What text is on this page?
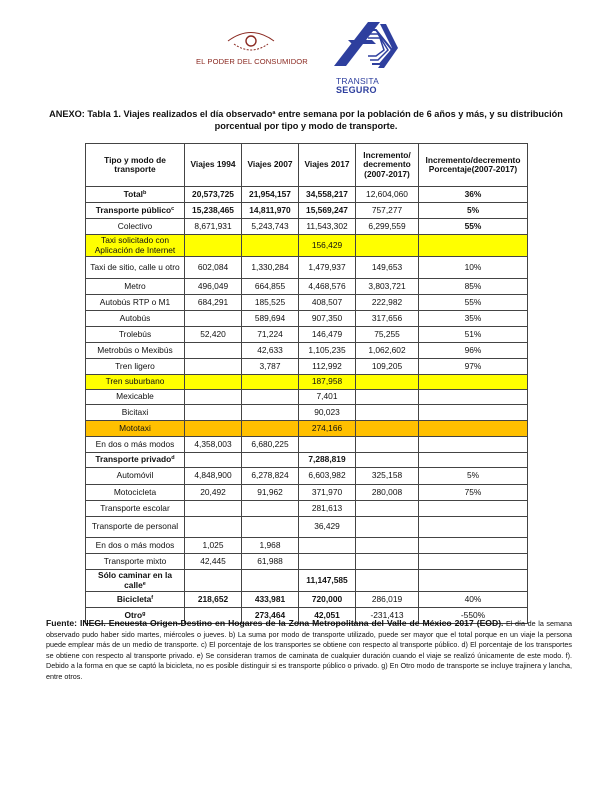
EL PODER DEL CONSUMIDOR
TRANSITA
SEGURO
ANEXO: Tabla 1. Viajes realizados el día observado$^a$ entre semana por la población de 6 años y más, y su distribución porcentual por tipo y modo de transporte.
Tipo y modo de transporte	Viajes 1994	Viajes 2007	Viajes 2017	Incremento/ decremento (2007-2017)	Incremento/decremento Porcentaje(2007-2017)
Total$^b$	20,573,725	21,954,157	34,558,217	12,604,060	36%
Transporte público$^c$	15,238,465	14,811,970	15,569,247	757,277	5%
Colectivo	8,671,931	5,243,743	11,543,302	6,299,559	55%
Taxi solicitado con Aplicación de Internet			156,429		
Taxi de sitio, calle u otro	602,084	1,330,284	1,479,937	149,653	10%
Metro	496,049	664,855	4,468,576	3,803,721	85%
Autobús RTP o M1	684,291	185,525	408,507	222,982	55%
Autobús		589,694	907,350	317,656	35%
Trolebús	52,420	71,224	146,479	75,255	51%
Metrobús o Mexibús		42,633	1,105,235	1,062,602	96%
Tren ligero		3,787	112,992	109,205	97%
Tren suburbano			187,958		
Mexicable			7,401		
Bicitaxi			90,023		
Mototaxi			274,166		
En dos o más modos	4,358,003	6,680,225			
Transporte privado$^d$			7,288,819		
Automóvil	4,848,900	6,278,824	6,603,982	325,158	5%
Motocicleta	20,492	91,962	371,970	280,008	75%
Transporte escolar			281,613		
Transporte de personal			36,429		
En dos o más modos	1,025	1,968			
Transporte mixto	42,445	61,988			
Sólo caminar en la calle$^e$			11,147,585		
Bicicleta$^f$	218,652	433,981	720,000	286,019	40%
Otro$^g$		273,464	42,051	-231,413	-550%
Fuente: INEGI. Encuesta Origen-Destino en Hogares de la Zona Metropolitana del Valle de México 2017 (EOD). El día de la semana observado pudo haber sido martes, miércoles o jueves. b) La suma por modo de transporte utilizado, puede ser mayor que el total porque en un viaje la persona puede emplear más de un medio de transporte. c) El porcentaje de los transportes se obtiene con respecto al transporte público. d) El porcentaje de los transportes se obtiene con respecto al transporte privado. e) Se consideran tramos de caminata de cualquier duración cuando el viaje se realizó únicamente de este modo. f). Debido a la forma en que se captó la bicicleta, no es posible distinguir si es transporte público o privado. g) En Otro modo de transporte se incluye trajinera y lancha, entre otros.
